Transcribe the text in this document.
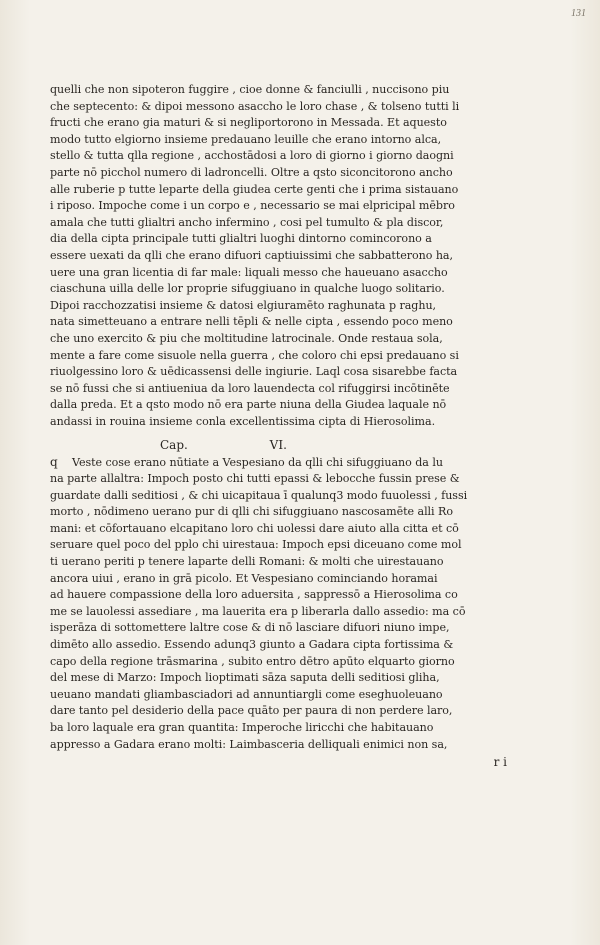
131
quelli che non sipoteron fuggire , cioe donne & fanciulli , nuccisono piu
che septecento: & dipoi messono asaccho le loro chase , & tolseno tutti li
fructi che erano gia maturi & si negliportorono in Messada. Et aquesto
modo tutto elgiorno insieme predauano leuille che erano intorno alca,
stello & tutta qlla regione , acchostādosi a loro di giorno i giorno daogni
parte nō picchol numero di ladroncelli. Oltre a qsto siconcitorono ancho
alle ruberie p tutte leparte della giudea certe genti che i prima sistauano
i riposo. Impoche come i un corpo e , necessario se mai elpricipal mēbro
amala che tutti glialtri ancho infermino , cosi pel tumulto & pla discor,
dia della cipta principale tutti glialtri luoghi dintorno comincorono a
essere uexati da qlli che erano difuori captiuissimi che sabbatterono ha,
uere una gran licentia di far male: liquali messo che haueuano asaccho
ciaschuna uilla delle lor proprie sifuggiuano in qualche luogo solitario.
Dipoi racchozzatisi insieme & datosi elgiuramēto raghunata p raghu,
nata simetteuano a entrare nelli tēpli & nelle cipta , essendo poco meno
che uno exercito & piu che moltitudine latrocinale. Onde restaua sola,
mente a fare come sisuole nella guerra , che coloro chi epsi predauano si
riuolgessino loro & uēdicassensi delle ingiurie. Laql cosa sisarebbe facta
se nō fussi che si antiueniua da loro lauendecta col rifuggirsi incōtinēte
dalla preda. Et a qsto modo nō era parte niuna della Giudea laquale nō
andassi in rouina insieme conla excellentissima cipta di Hierosolima.
Cap.	VI.
q Veste cose erano nūtiate a Vespesiano da qlli chi sifuggiuano da lu
na parte allaltra: Impoch posto chi tutti epassi & lebocche fussin prese &
guardate dalli seditiosi , & chi uicapitaua ī qualunq3 modo fuuolessi , fussi
morto , nōdimeno uerano pur di qlli chi sifuggiuano nascosamēte alli Ro
mani: et cōfortauano elcapitano loro chi uolessi dare aiuto alla citta et cō
seruare quel poco del pplo chi uirestaua: Impoch epsi diceuano come mol
ti uerano periti p tenere laparte delli Romani: & molti che uirestauano
ancora uiui , erano in grā picolo. Et Vespesiano cominciando horamai
ad hauere compassione della loro aduersita , sappressō a Hierosolima co
me se lauolessi assediare , ma lauerita era p liberarla dallo assedio: ma cō
isperāza di sottomettere laltre cose & di nō lasciare difuori niuno impe,
dimēto allo assedio. Essendo adunq3 giunto a Gadara cipta fortissima &
capo della regione trāsmarina , subito entro dētro apūto elquarto giorno
del mese di Marzo: Impoch lioptimati sāza saputa delli seditiosi gliha,
ueuano mandati gliambasciadori ad annuntiargli come eseghuoleuano
dare tanto pel desiderio della pace quāto per paura di non perdere laro,
ba loro laquale era gran quantita: Imperoche liricchi che habitauano
appresso a Gadara erano molti: Laimbasceria delliquali enimici non sa,
r i
